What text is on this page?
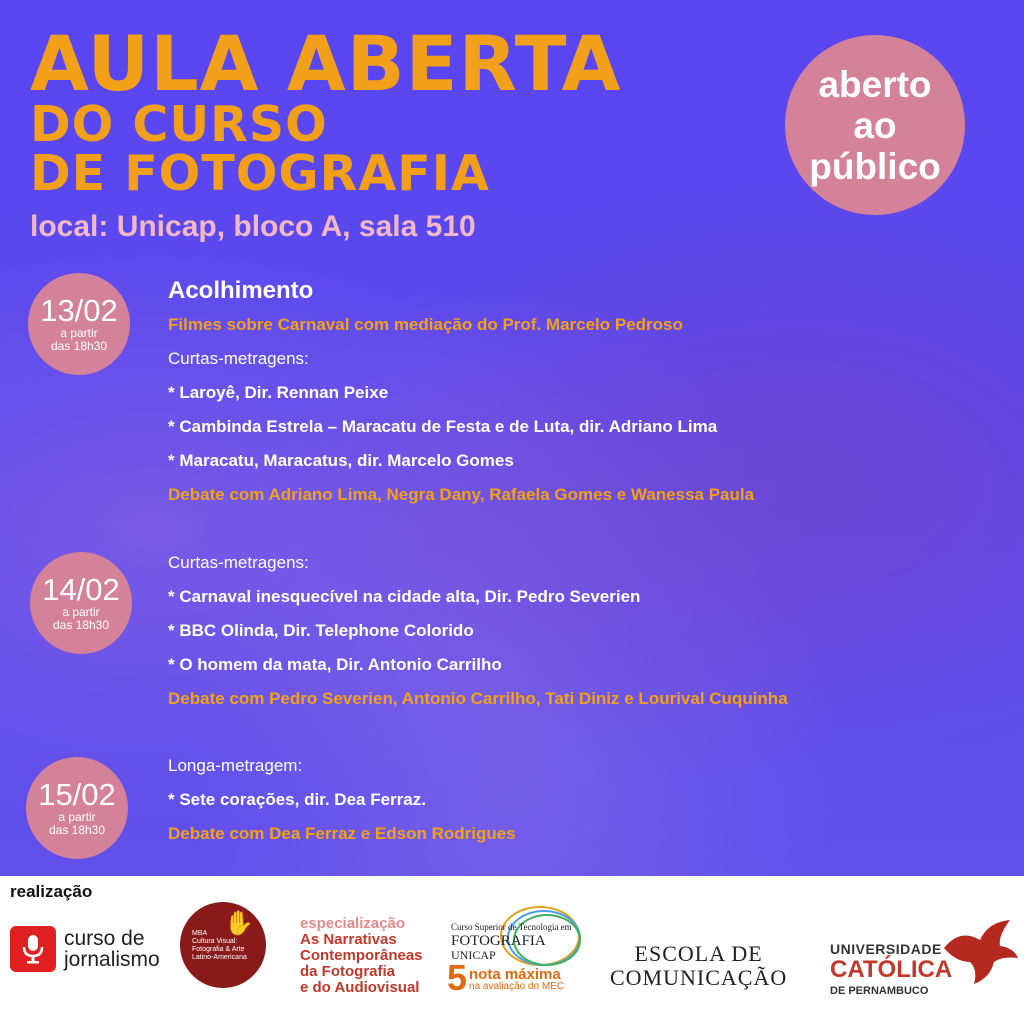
AULA ABERTA
DO CURSO
DE FOTOGRAFIA
local: Unicap, bloco A, sala 510
aberto
ao
público
13/02
a partir
das 18h30
Acolhimento
Filmes sobre Carnaval com mediação do Prof. Marcelo Pedroso
Curtas-metragens:
* Laroyê, Dir. Rennan Peixe
* Cambinda Estrela – Maracatu de Festa e de Luta, dir. Adriano Lima
* Maracatu, Maracatus, dir. Marcelo Gomes
Debate com Adriano Lima, Negra Dany, Rafaela Gomes e Wanessa Paula
14/02
a partir
das 18h30
Curtas-metragens:
* Carnaval inesquecível na cidade alta, Dir. Pedro Severien
* BBC Olinda, Dir. Telephone Colorido
* O homem da mata, Dir. Antonio Carrilho
Debate com Pedro Severien, Antonio Carrilho, Tati Diniz e Lourival Cuquinha
15/02
a partir
das 18h30
Longa-metragem:
* Sete corações, dir. Dea Ferraz.
Debate com Dea Ferraz e Edson Rodrigues
realização
curso de
jornalismo
MBA
Cultura Visual:
Fotografia & Arte
Latino-Americana
✋	especialização
As Narrativas
Contemporâneas
da Fotografia
e do Audiovisual
Curso Superior de Tecnologia em
FOTOGRAFIA
UNICAP
5 nota máxima
na avaliação do MEC
ESCOLA DE
COMUNICAÇÃO
UNIVERSIDADE
CATÓLICA
DE PERNAMBUCO
